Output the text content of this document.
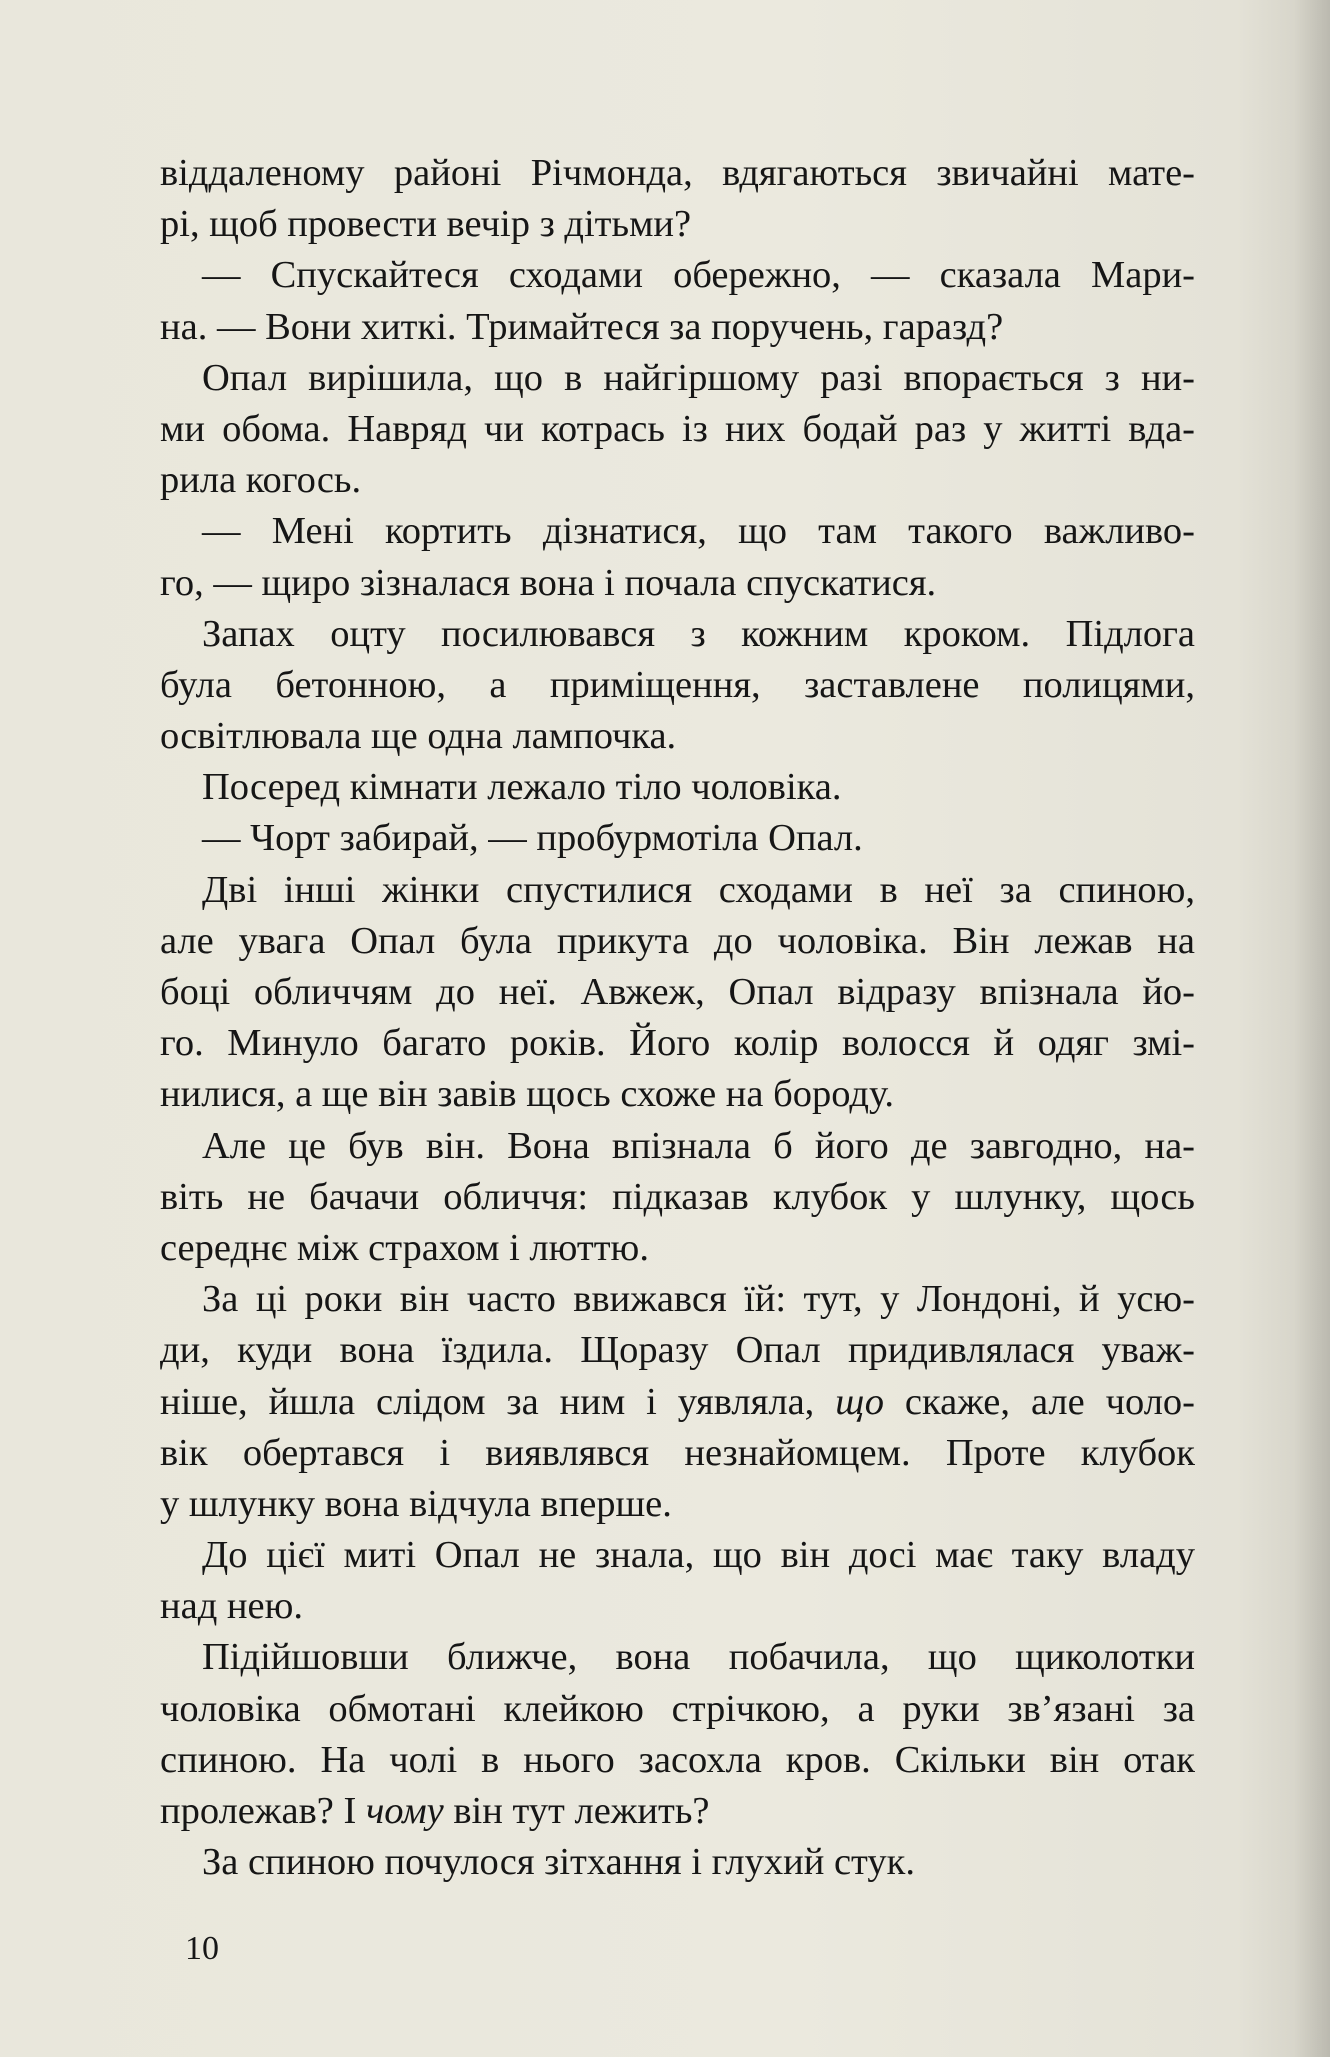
віддаленому районі Річмонда, вдягаються звичайні мате-
рі, щоб провести вечір з дітьми?
— Спускайтеся сходами обережно, — сказала Мари-
на. — Вони хиткі. Тримайтеся за поручень, гаразд?
Опал вирішила, що в найгіршому разі впорається з ни-
ми обома. Навряд чи котрась із них бодай раз у житті вда-
рила когось.
— Мені кортить дізнатися, що там такого важливо-
го, — щиро зізналася вона і почала спускатися.
Запах оцту посилювався з кожним кроком. Підлога
була бетонною, а приміщення, заставлене полицями,
освітлювала ще одна лампочка.
Посеред кімнати лежало тіло чоловіка.
— Чорт забирай, — пробурмотіла Опал.
Дві інші жінки спустилися сходами в неї за спиною,
але увага Опал була прикута до чоловіка. Він лежав на
боці обличчям до неї. Авжеж, Опал відразу впізнала йо-
го. Минуло багато років. Його колір волосся й одяг змі-
нилися, а ще він завів щось схоже на бороду.
Але це був він. Вона впізнала б його де завгодно, на-
віть не бачачи обличчя: підказав клубок у шлунку, щось
середнє між страхом і люттю.
За ці роки він часто ввижався їй: тут, у Лондоні, й усю-
ди, куди вона їздила. Щоразу Опал придивлялася уваж-
ніше, йшла слідом за ним і уявляла, що скаже, але чоло-
вік обертався і виявлявся незнайомцем. Проте клубок
у шлунку вона відчула вперше.
До цієї миті Опал не знала, що він досі має таку владу
над нею.
Підійшовши ближче, вона побачила, що щиколотки
чоловіка обмотані клейкою стрічкою, а руки зв’язані за
спиною. На чолі в нього засохла кров. Скільки він отак
пролежав? І чому він тут лежить?
За спиною почулося зітхання і глухий стук.
10
